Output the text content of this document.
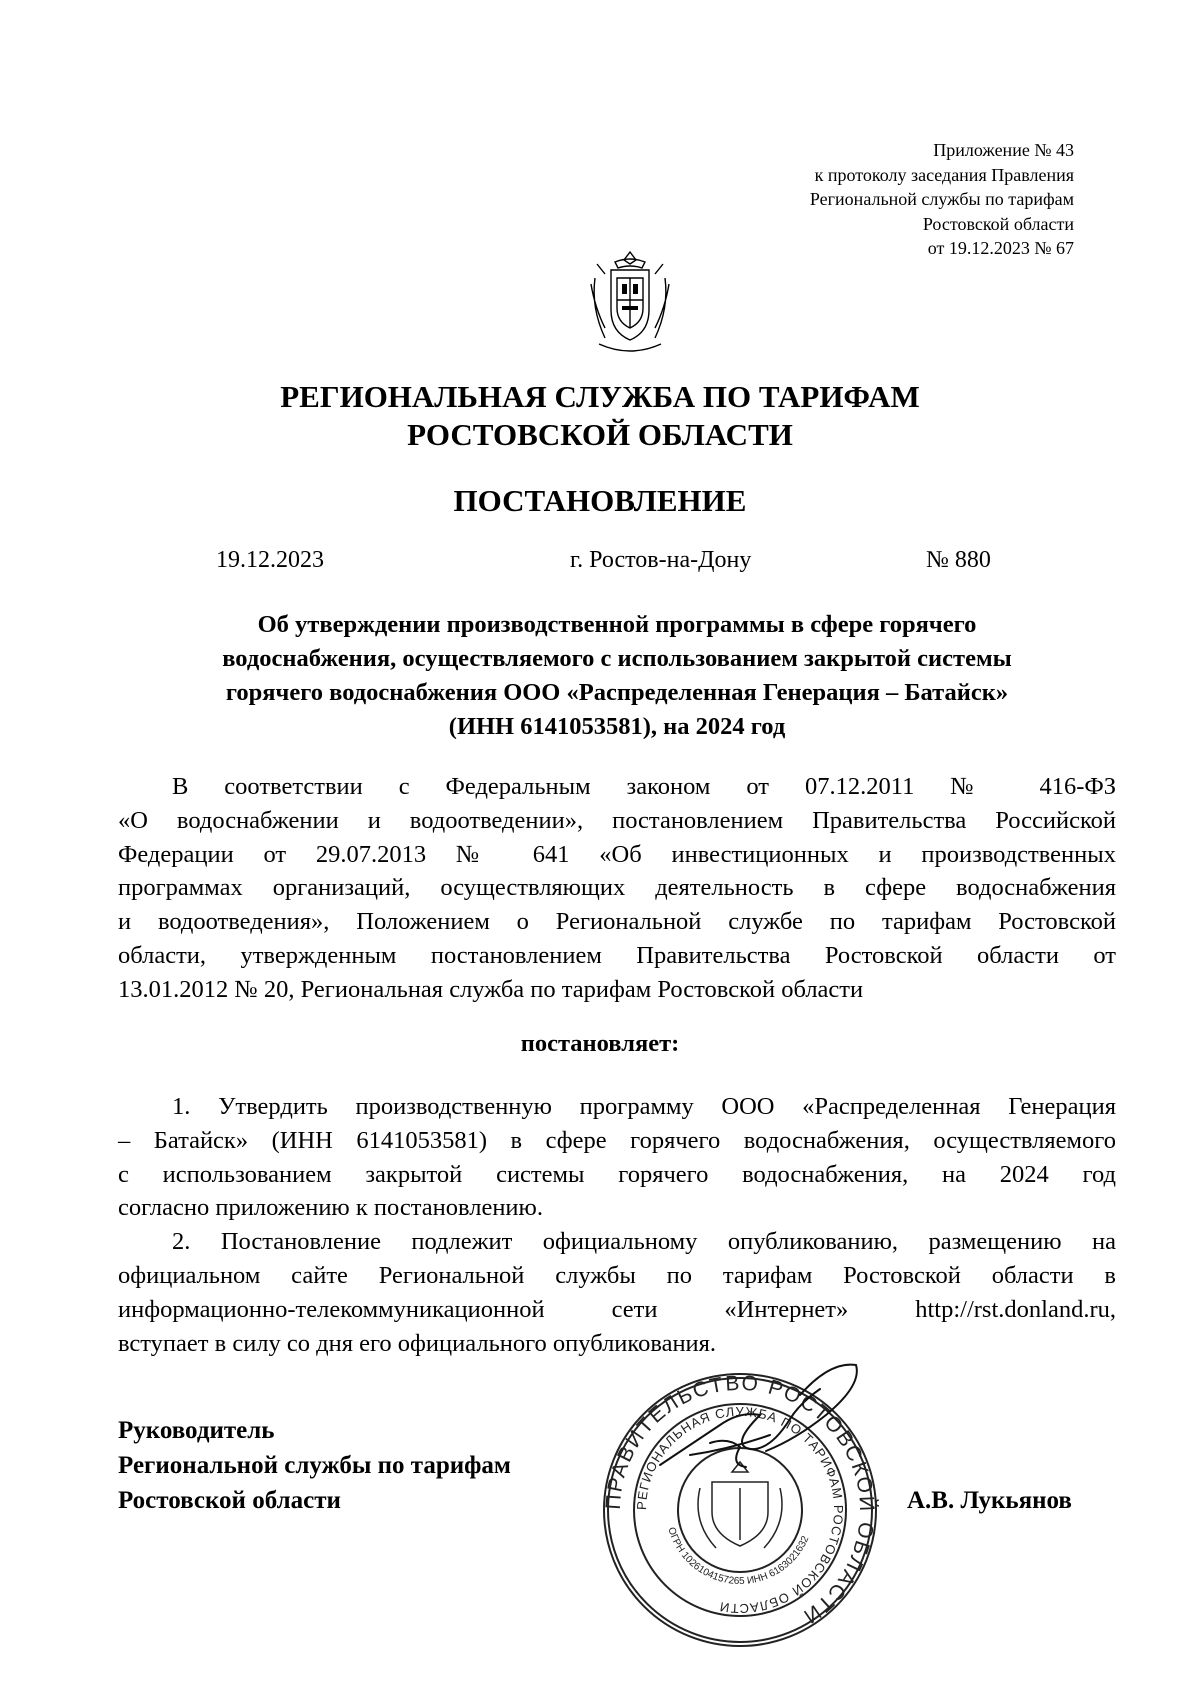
Приложение № 43
к протоколу заседания Правления
Региональной службы по тарифам
Ростовской области
от 19.12.2023 № 67
РЕГИОНАЛЬНАЯ СЛУЖБА ПО ТАРИФАМ
РОСТОВСКОЙ ОБЛАСТИ
ПОСТАНОВЛЕНИЕ
19.12.2023	г. Ростов-на-Дону	№ 880
Об утверждении производственной программы в сфере горячего
водоснабжения, осуществляемого с использованием закрытой системы
горячего водоснабжения ООО «Распределенная Генерация – Батайск»
(ИНН 6141053581), на 2024 год
В соответствии с Федеральным законом от 07.12.2011 № 416-ФЗ
«О водоснабжении и водоотведении», постановлением Правительства Российской
Федерации от 29.07.2013 № 641 «Об инвестиционных и производственных
программах организаций, осуществляющих деятельность в сфере водоснабжения
и водоотведения», Положением о Региональной службе по тарифам Ростовской
области, утвержденным постановлением Правительства Ростовской области от
13.01.2012 № 20, Региональная служба по тарифам Ростовской области
постановляет:
1. Утвердить производственную программу ООО «Распределенная Генерация
– Батайск» (ИНН 6141053581) в сфере горячего водоснабжения, осуществляемого
с использованием закрытой системы горячего водоснабжения, на 2024 год
согласно приложению к постановлению.
2. Постановление подлежит официальному опубликованию, размещению на
официальном сайте Региональной службы по тарифам Ростовской области в
информационно-телекоммуникационной сети «Интернет» http://rst.donland.ru,
вступает в силу со дня его официального опубликования.
Руководитель
Региональной службы по тарифам
Ростовской области	ПРАВИТЕЛЬСТВО РОСТОВСКОЙ ОБЛАСТИ
РЕГИОНАЛЬНАЯ СЛУЖБА ПО ТАРИФАМ РОСТОВСКОЙ ОБЛАСТИ
ОГРН 1026104157265 ИНН 6163021632
А.В. Лукьянов
